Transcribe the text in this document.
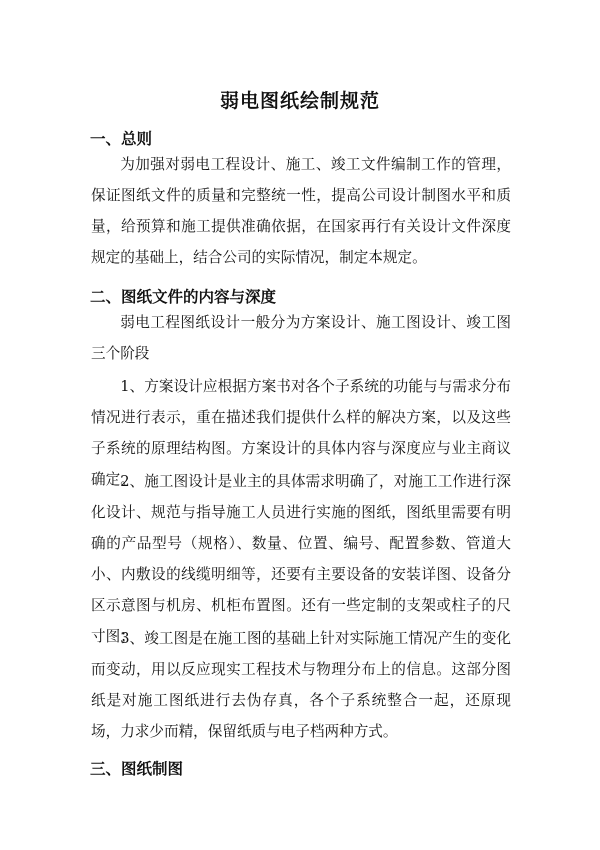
弱电图纸绘制规范
一、总则

为加强对弱电工程设计、施工、竣工文件编制工作的管理，保证图纸文件的质量和完整统一性，提高公司设计制图水平和质量，给预算和施工提供准确依据，在国家再行有关设计文件深度规定的基础上，结合公司的实际情况，制定本规定。

二、图纸文件的内容与深度

弱电工程图纸设计一般分为方案设计、施工图设计、竣工图三个阶段

1、方案设计应根据方案书对各个子系统的功能与与需求分布情况进行表示，重在描述我们提供什么样的解决方案，以及这些子系统的原理结构图。方案设计的具体内容与深度应与业主商议确定。

2、施工图设计是业主的具体需求明确了，对施工工作进行深化设计、规范与指导施工人员进行实施的图纸，图纸里需要有明确的产品型号（规格）、数量、位置、编号、配置参数、管道大小、内敷设的线缆明细等，还要有主要设备的安装详图、设备分区示意图与机房、机柜布置图。还有一些定制的支架或柱子的尺寸图；

3、竣工图是在施工图的基础上针对实际施工情况产生的变化而变动，用以反应现实工程技术与物理分布上的信息。这部分图纸是对施工图纸进行去伪存真，各个子系统整合一起，还原现场，力求少而精，保留纸质与电子档两种方式。

三、图纸制图
